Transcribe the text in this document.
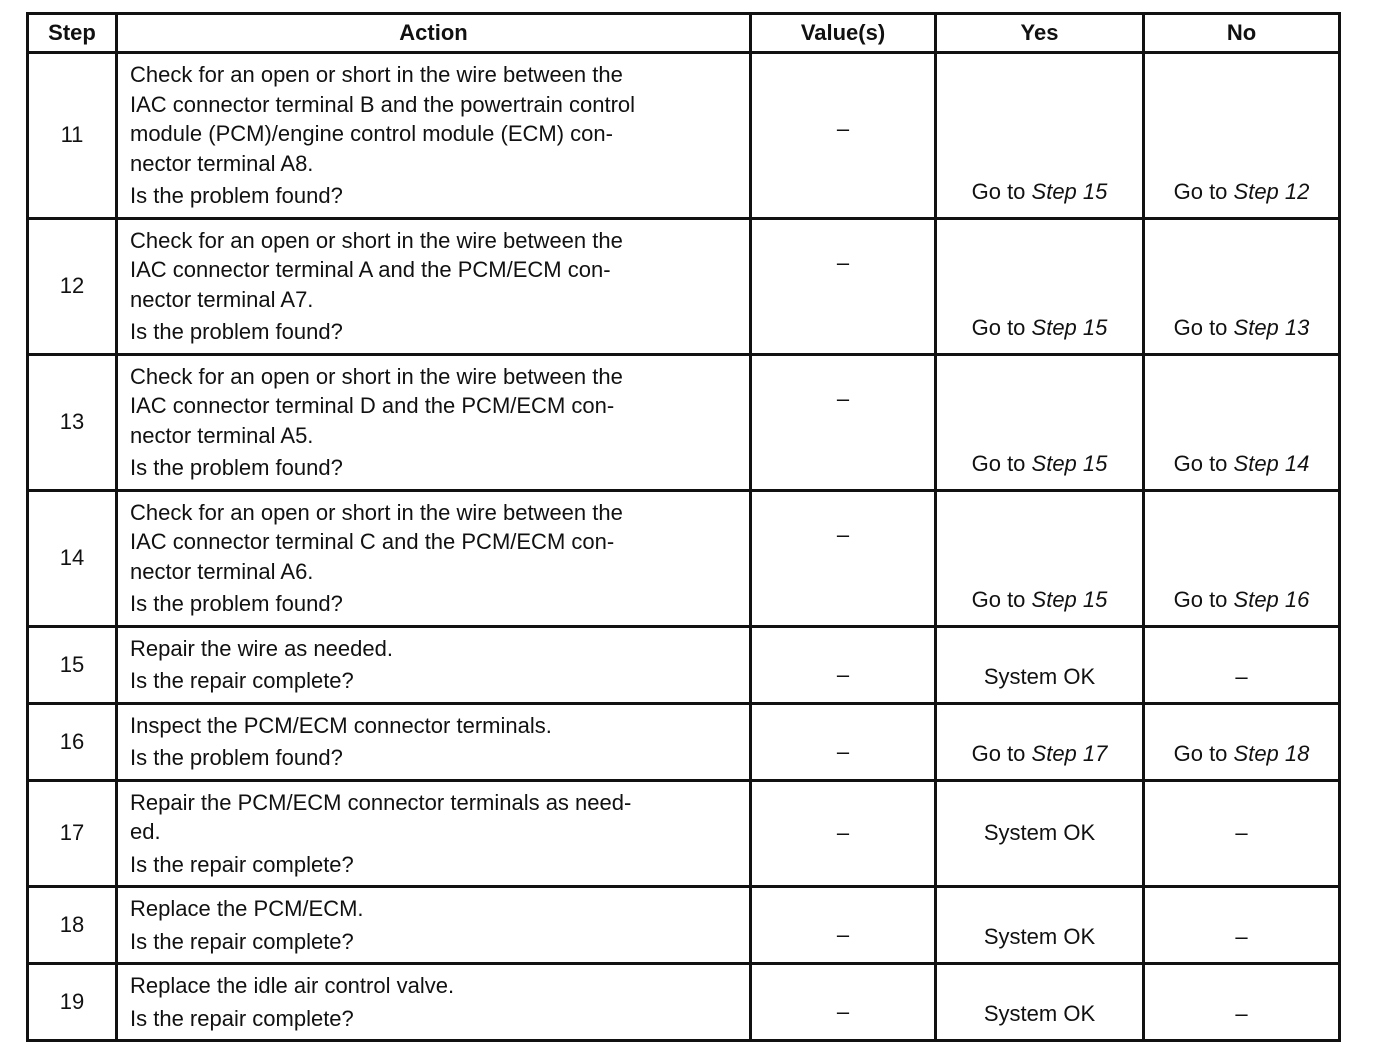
Step	Action	Value(s)	Yes	No
11	Check for an open or short in the wire between the
IAC connector terminal B and the powertrain control
module (PCM)/engine control module (ECM) con-
nector terminal A8.
Is the problem found?	–	Go to Step 15	Go to Step 12
12	Check for an open or short in the wire between the
IAC connector terminal A and the PCM/ECM con-
nector terminal A7.
Is the problem found?	–	Go to Step 15	Go to Step 13
13	Check for an open or short in the wire between the
IAC connector terminal D and the PCM/ECM con-
nector terminal A5.
Is the problem found?	–	Go to Step 15	Go to Step 14
14	Check for an open or short in the wire between the
IAC connector terminal C and the PCM/ECM con-
nector terminal A6.
Is the problem found?	–	Go to Step 15	Go to Step 16
15	Repair the wire as needed.
Is the repair complete?	–	System OK	–
16	Inspect the PCM/ECM connector terminals.
Is the problem found?	–	Go to Step 17	Go to Step 18
17	Repair the PCM/ECM connector terminals as need-
ed.
Is the repair complete?	–	System OK	–
18	Replace the PCM/ECM.
Is the repair complete?	–	System OK	–
19	Replace the idle air control valve.
Is the repair complete?	–	System OK	–
